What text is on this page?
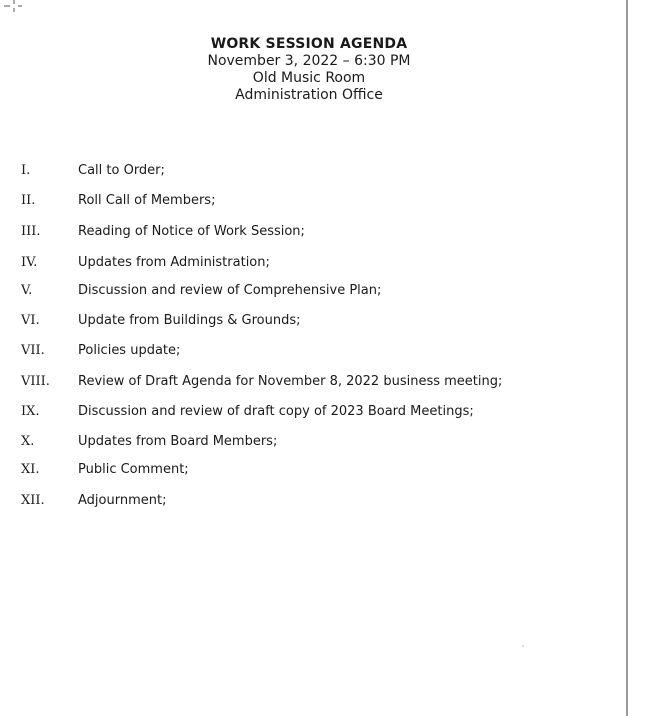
WORK SESSION AGENDA
November 3, 2022 – 6:30 PM
Old Music Room
Administration Office
I.	Call to Order;
II.	Roll Call of Members;
III.	Reading of Notice of Work Session;
IV.	Updates from Administration;
V.	Discussion and review of Comprehensive Plan;
VI.	Update from Buildings & Grounds;
VII.	Policies update;
VIII. Review of Draft Agenda for November 8, 2022 business meeting;
IX.	Discussion and review of draft copy of 2023 Board Meetings;
X.	Updates from Board Members;
XI.	Public Comment;
XII.	Adjournment;
